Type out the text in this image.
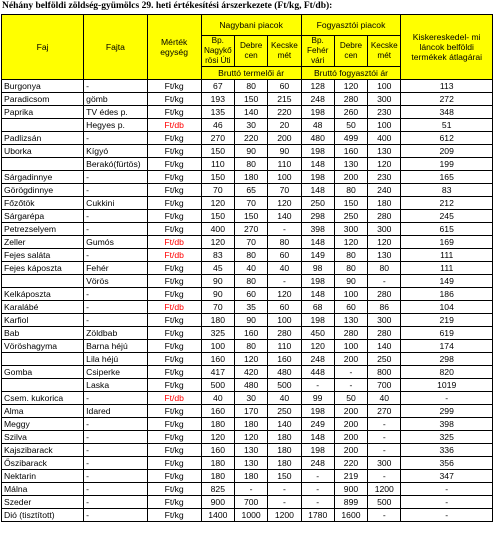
Néhány belföldi zöldség-gyümölcs 29. heti értékesítési árszerkezete (Ft/kg, Ft/db):
Faj	Fajta	Mérték egység	Nagybani piacok			Fogyasztói piacok			Kiskereskedel- mi láncok belföldi termékek átlagárai
			Bp. Nagykő rösi Úti	Debre cen	Kecske mét	Bp. Fehér vári	Debre cen	Kecske mét	
			Bruttó termelői ár			Bruttó fogyasztói ár			
Burgonya	-	Ft/kg	67	80	60	128	120	100	113
Paradicsom	gömb	Ft/kg	193	150	215	248	280	300	272
Paprika	TV édes p.	Ft/kg	135	140	220	198	260	230	348
	Hegyes p.	Ft/db	46	30	20	48	50	100	51
Padlizsán	-	Ft/kg	270	220	200	480	499	400	612
Uborka	Kígyó	Ft/kg	150	90	90	198	160	130	209
	Berakó(fürtös)	Ft/kg	110	80	110	148	130	120	199
Sárgadinnye	-	Ft/kg	150	180	100	198	200	230	165
Görögdinnye	-	Ft/kg	70	65	70	148	80	240	83
Főzőtök	Cukkini	Ft/kg	120	70	120	250	150	180	212
Sárgarépa	-	Ft/kg	150	150	140	298	250	280	245
Petrezselyem	-	Ft/kg	400	270	-	398	300	300	615
Zeller	Gumós	Ft/db	120	70	80	148	120	120	169
Fejes saláta	-	Ft/db	83	80	60	149	80	130	111
Fejes káposzta	Fehér	Ft/kg	45	40	40	98	80	80	111
	Vörös	Ft/kg	90	80	-	198	90	-	149
Kelkáposzta	-	Ft/kg	90	60	120	148	100	280	186
Karalábé	-	Ft/db	70	35	60	68	60	86	104
Karfiol	-	Ft/kg	180	90	100	198	130	300	219
Bab	Zöldbab	Ft/kg	325	160	280	450	280	280	619
Vöröshagyma	Barna héjú	Ft/kg	100	80	110	120	100	140	174
	Lila héjú	Ft/kg	160	120	160	248	200	250	298
Gomba	Csiperke	Ft/kg	417	420	480	448	-	800	820
	Laska	Ft/kg	500	480	500	-	-	700	1019
Csem. kukorica	-	Ft/db	40	30	40	99	50	40	-
Alma	Idared	Ft/kg	160	170	250	198	200	270	299
Meggy	-	Ft/kg	180	180	140	249	200	-	398
Szilva	-	Ft/kg	120	120	180	148	200	-	325
Kajszibarack	-	Ft/kg	160	130	180	198	200	-	336
Őszibarack	-	Ft/kg	180	130	180	248	220	300	356
Nektarin	-	Ft/kg	180	180	150	-	219	-	347
Málna	-	Ft/kg	825	-	-	-	900	1200	-
Szeder	-	Ft/kg	900	700	-	-	899	500	-
Dió (tisztított)	-	Ft/kg	1400	1000	1200	1780	1600	-	-
